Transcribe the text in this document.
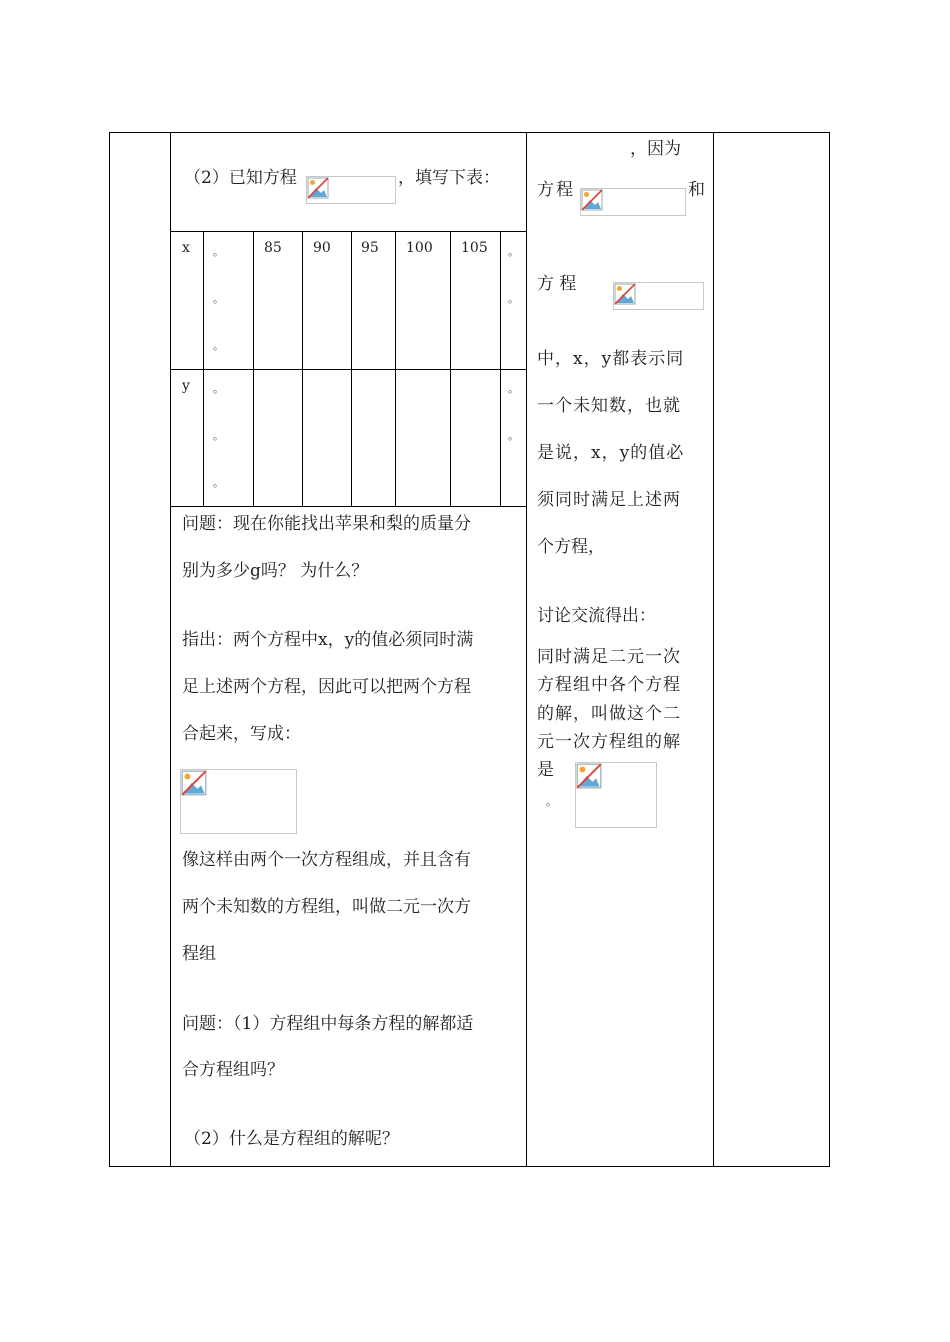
（2）已知方程	，填写下表：
x 。
。
。
85 90 95 100 105 。
。
y 。
。
。
。
。
问题：现在你能找出苹果和梨的质量分
别为多少g吗？ 为什么？
指出：两个方程中x，y的值必须同时满
足上述两个方程，因此可以把两个方程
合起来，写成：
像这样由两个一次方程组成，并且含有
两个未知数的方程组，叫做二元一次方
程组
问题：（1）方程组中每条方程的解都适
合方程组吗？
（2）什么是方程组的解呢？
，因为
方程	和
方 程
中，x，y都表示同
一个未知数，也就
是说，x，y的值必
须同时满足上述两
个方程，
讨论交流得出：
同时满足二元一次
方程组中各个方程
的解，叫做这个二
元一次方程组的解
是
。
